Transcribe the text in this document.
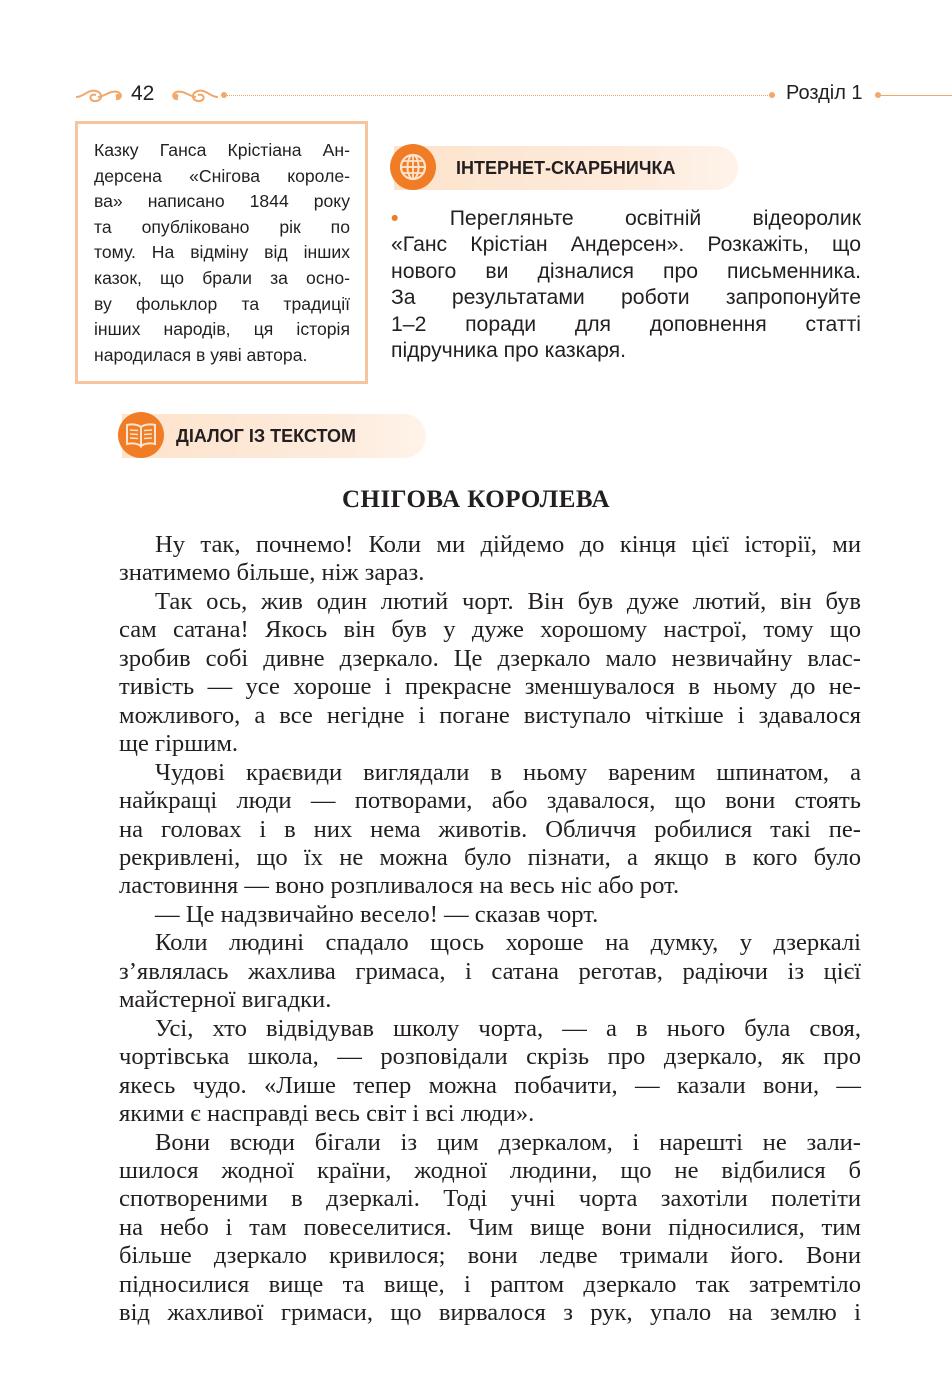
42	Розділ 1
Казку Ганса Крістіана Ан-
дерсена «Снігова короле-
ва» написано 1844 року
та опубліковано рік по
тому. На відміну від інших
казок, що брали за осно-
ву фольклор та традиції
інших народів, ця історія
народилася в уяві автора.
ІНТЕРНЕТ-СКАРБНИЧКА
• Перегляньте освітній відеоролик
«Ганс Крістіан Андерсен». Розкажіть, що
нового ви дізналися про письменника.
За результатами роботи запропонуйте
1–2 поради для доповнення статті
підручника про казкаря.
ДІАЛОГ ІЗ ТЕКСТОМ
СНІГОВА КОРОЛЕВА
Ну так, почнемо! Коли ми дійдемо до кінця цієї історії, ми
знатимемо більше, ніж зараз.
Так ось, жив один лютий чорт. Він був дуже лютий, він був
сам сатана! Якось він був у дуже хорошому настрої, тому що
зробив собі дивне дзеркало. Це дзеркало мало незвичайну влас-
тивість — усе хороше і прекрасне зменшувалося в ньому до не-
можливого, а все негідне і погане виступало чіткіше і здавалося
ще гіршим.
Чудові краєвиди виглядали в ньому вареним шпинатом, а
найкращі люди — потворами, або здавалося, що вони стоять
на головах і в них нема животів. Обличчя робилися такі пе-
рекривлені, що їх не можна було пізнати, а якщо в кого було
ластовиння — воно розпливалося на весь ніс або рот.
— Це надзвичайно весело! — сказав чорт.
Коли людині спадало щось хороше на думку, у дзеркалі
з’являлась жахлива гримаса, і сатана реготав, радіючи із цієї
майстерної вигадки.
Усі, хто відвідував школу чорта, — а в нього була своя,
чортівська школа, — розповідали скрізь про дзеркало, як про
якесь чудо. «Лише тепер можна побачити, — казали вони, —
якими є насправді весь світ і всі люди».
Вони всюди бігали із цим дзеркалом, і нарешті не зали-
шилося жодної країни, жодної людини, що не відбилися б
спотвореними в дзеркалі. Тоді учні чорта захотіли полетіти
на небо і там повеселитися. Чим вище вони підносилися, тим
більше дзеркало кривилося; вони ледве тримали його. Вони
підносилися вище та вище, і раптом дзеркало так затремтіло
від жахливої гримаси, що вирвалося з рук, упало на землю і
